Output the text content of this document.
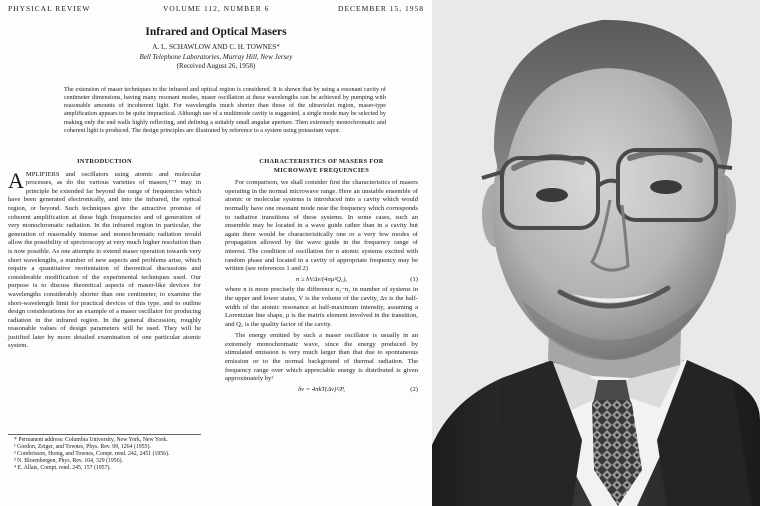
PHYSICAL REVIEW	VOLUME 112, NUMBER 6	DECEMBER 15, 1958
Infrared and Optical Masers
A. L. SCHAWLOW AND C. H. TOWNES*
Bell Telephone Laboratories, Murray Hill, New Jersey
(Received August 26, 1958)

The extension of maser techniques to the infrared and optical region is considered. It is shown that by using a resonant cavity of centimeter dimensions, having many resonant modes, maser oscillation at these wavelengths can be achieved by pumping with reasonable amounts of incoherent light. For wavelengths much shorter than those of the ultraviolet region, maser-type amplification appears to be quite impractical. Although use of a multimode cavity is suggested, a single mode may be selected by making only the end walls highly reflecting, and defining a suitably small angular aperture. Then extremely monochromatic and coherent light is produced. The design principles are illustrated by reference to a system using potassium vapor.

INTRODUCTION

AMPLIFIERS and oscillators using atomic and molecular processes, as do the various varieties of masers,¹⁻⁴ may in principle be extended far beyond the range of frequencies which have been generated electronically, and into the infrared, the optical region, or beyond. Such techniques give the attractive promise of coherent amplification at these high frequencies and of generation of very monochromatic radiation. In the infrared region in particular, the generation of reasonably intense and monochromatic radiation would allow the possibility of spectroscopy at very much higher resolution than is now possible. As one attempts to extend maser operation towards very short wavelengths, a number of new aspects and problems arise, which require a quantitative reorientation of theoretical discussions and considerable modification of the experimental techniques used. Our purpose is to discuss theoretical aspects of maser-like devices for wavelengths considerably shorter than one centimeter, to examine the short-wavelength limit for practical devices of this type, and to outline design considerations for an example of a maser oscillator for producing radiation in the infrared region. In the general discussion, roughly reasonable values of design parameters will be used. They will be justified later by more detailed examination of one particular atomic system.

* Permanent address: Columbia University, New York, New York.

¹ Gordon, Zeiger, and Townes, Phys. Rev. 99, 1264 (1955).

² Combrisson, Honig, and Townes, Compt. rend. 242, 2451 (1956).

³ N. Bloembergen, Phys. Rev. 104, 329 (1956).

⁴ E. Allais, Compt. rend. 245, 157 (1957).

CHARACTERISTICS OF MASERS FOR
MICROWAVE FREQUENCIES

For comparison, we shall consider first the characteristics of masers operating in the normal microwave range. Here an unstable ensemble of atomic or molecular systems is introduced into a cavity which would normally have one resonant mode near the frequency which corresponds to radiative transitions of these systems. In some cases, such an ensemble may be located in a wave guide rather than in a cavity but again there would be characteristically one or a very few modes of propagation allowed by the wave guide in the frequency range of interest. The condition of oscillation for n atomic systems excited with random phase and located in a cavity of appropriate frequency may be written (see references 1 and 2)

n ≥ hVΔν/(4πμ²Q꜀),	(1)

where n is more precisely the difference n₁−n₂ in number of systems in the upper and lower states, V is the volume of the cavity, Δν is the half-width of the atomic resonance at half-maximum intensity, assuming a Lorentzian line shape, μ is the matrix element involved in the transition, and Q꜀ is the quality factor of the cavity.

The energy emitted by such a maser oscillator is usually in an extremely monochromatic wave, since the energy produced by stimulated emission is very much larger than that due to spontaneous emission or to the normal background of thermal radiation. The frequency range over which appreciable energy is distributed is given approximately by²

δν = 4πkT(Δν)²/P,	(2)
